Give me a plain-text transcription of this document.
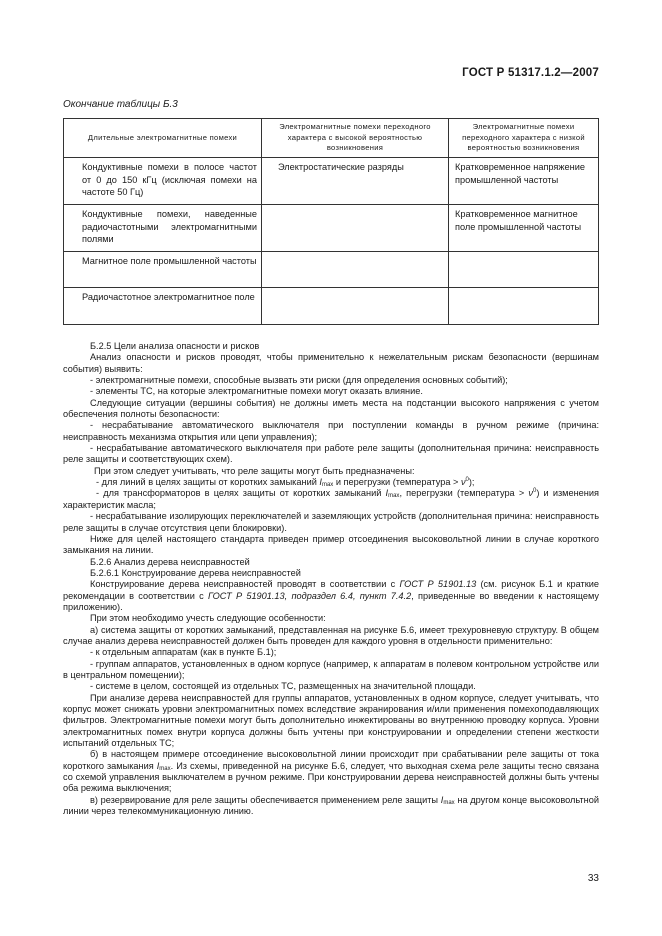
ГОСТ Р 51317.1.2—2007
Окончание таблицы Б.3
Длительные электромагнитные помехи	Электромагнитные помехи переходного характера с высокой вероятностью возникновения	Электромагнитные помехи переходного характера с низкой вероятностью возникновения
Кондуктивные помехи в полосе частот от 0 до 150 кГц (исключая помехи на частоте 50 Гц)	Электростатические разряды	Кратковременное напряжение промышленной частоты
Кондуктивные помехи, наведенные радиочастотными электромагнитными полями		Кратковременное магнитное поле промышленной частоты
Магнитное поле промышленной частоты		
Радиочастотное электромагнитное поле		

Б.2.5 Цели анализа опасности и рисков

Анализ опасности и рисков проводят, чтобы применительно к нежелательным рискам безопасности (вершинам события) выявить:

- электромагнитные помехи, способные вызвать эти риски (для определения основных событий);

- элементы ТС, на которые электромагнитные помехи могут оказать влияние.

Следующие ситуации (вершины события) не должны иметь места на подстанции высокого напряжения с учетом обеспечения полноты безопасности:

- несрабатывание автоматического выключателя при поступлении команды в ручном режиме (причина: неисправность механизма открытия или цепи управления);

- несрабатывание автоматического выключателя при работе реле защиты (дополнительная причина: неисправность реле защиты и соответствующих схем).

При этом следует учитывать, что реле защиты могут быть предназначены:

- для линий в целях защиты от коротких замыканий $I_{max}$ и перегрузки (температура > $\nu^0$);

- для трансформаторов в целях защиты от коротких замыканий $I_{max}$, перегрузки (температура > $\nu^0$) и изменения характеристик масла;

- несрабатывание изолирующих переключателей и заземляющих устройств (дополнительная причина: неисправность реле защиты в случае отсутствия цепи блокировки).

Ниже для целей настоящего стандарта приведен пример отсоединения высоковольтной линии в случае короткого замыкания на линии.

Б.2.6 Анализ дерева неисправностей

Б.2.6.1 Конструирование дерева неисправностей

Конструирование дерева неисправностей проводят в соответствии с ГОСТ Р 51901.13 (см. рисунок Б.1 и краткие рекомендации в соответствии с ГОСТ Р 51901.13, подраздел 6.4, пункт 7.4.2, приведенные во введении к настоящему приложению).

При этом необходимо учесть следующие особенности:

а) система защиты от коротких замыканий, представленная на рисунке Б.6, имеет трехуровневую структуру. В общем случае анализ дерева неисправностей должен быть проведен для каждого уровня в отдельности применительно:

- к отдельным аппаратам (как в пункте Б.1);

- группам аппаратов, установленных в одном корпусе (например, к аппаратам в полевом контрольном устройстве или в центральном помещении);

- системе в целом, состоящей из отдельных ТС, размещенных на значительной площади.

При анализе дерева неисправностей для группы аппаратов, установленных в одном корпусе, следует учитывать, что корпус может снижать уровни электромагнитных помех вследствие экранирования и/или применения помехоподавляющих фильтров. Электромагнитные помехи могут быть дополнительно инжектированы во внутреннюю проводку корпуса. Уровни электромагнитных помех внутри корпуса должны быть учтены при конструировании и определении степени жесткости испытаний отдельных ТС;

б) в настоящем примере отсоединение высоковольтной линии происходит при срабатывании реле защиты от тока короткого замыкания $I_{max}$. Из схемы, приведенной на рисунке Б.6, следует, что выходная схема реле защиты тесно связана со схемой управления выключателем в ручном режиме. При конструировании дерева неисправностей должны быть учтены оба режима выключения;

в) резервирование для реле защиты обеспечивается применением реле защиты $I_{max}$ на другом конце высоковольтной линии через телекоммуникационную линию.

33
